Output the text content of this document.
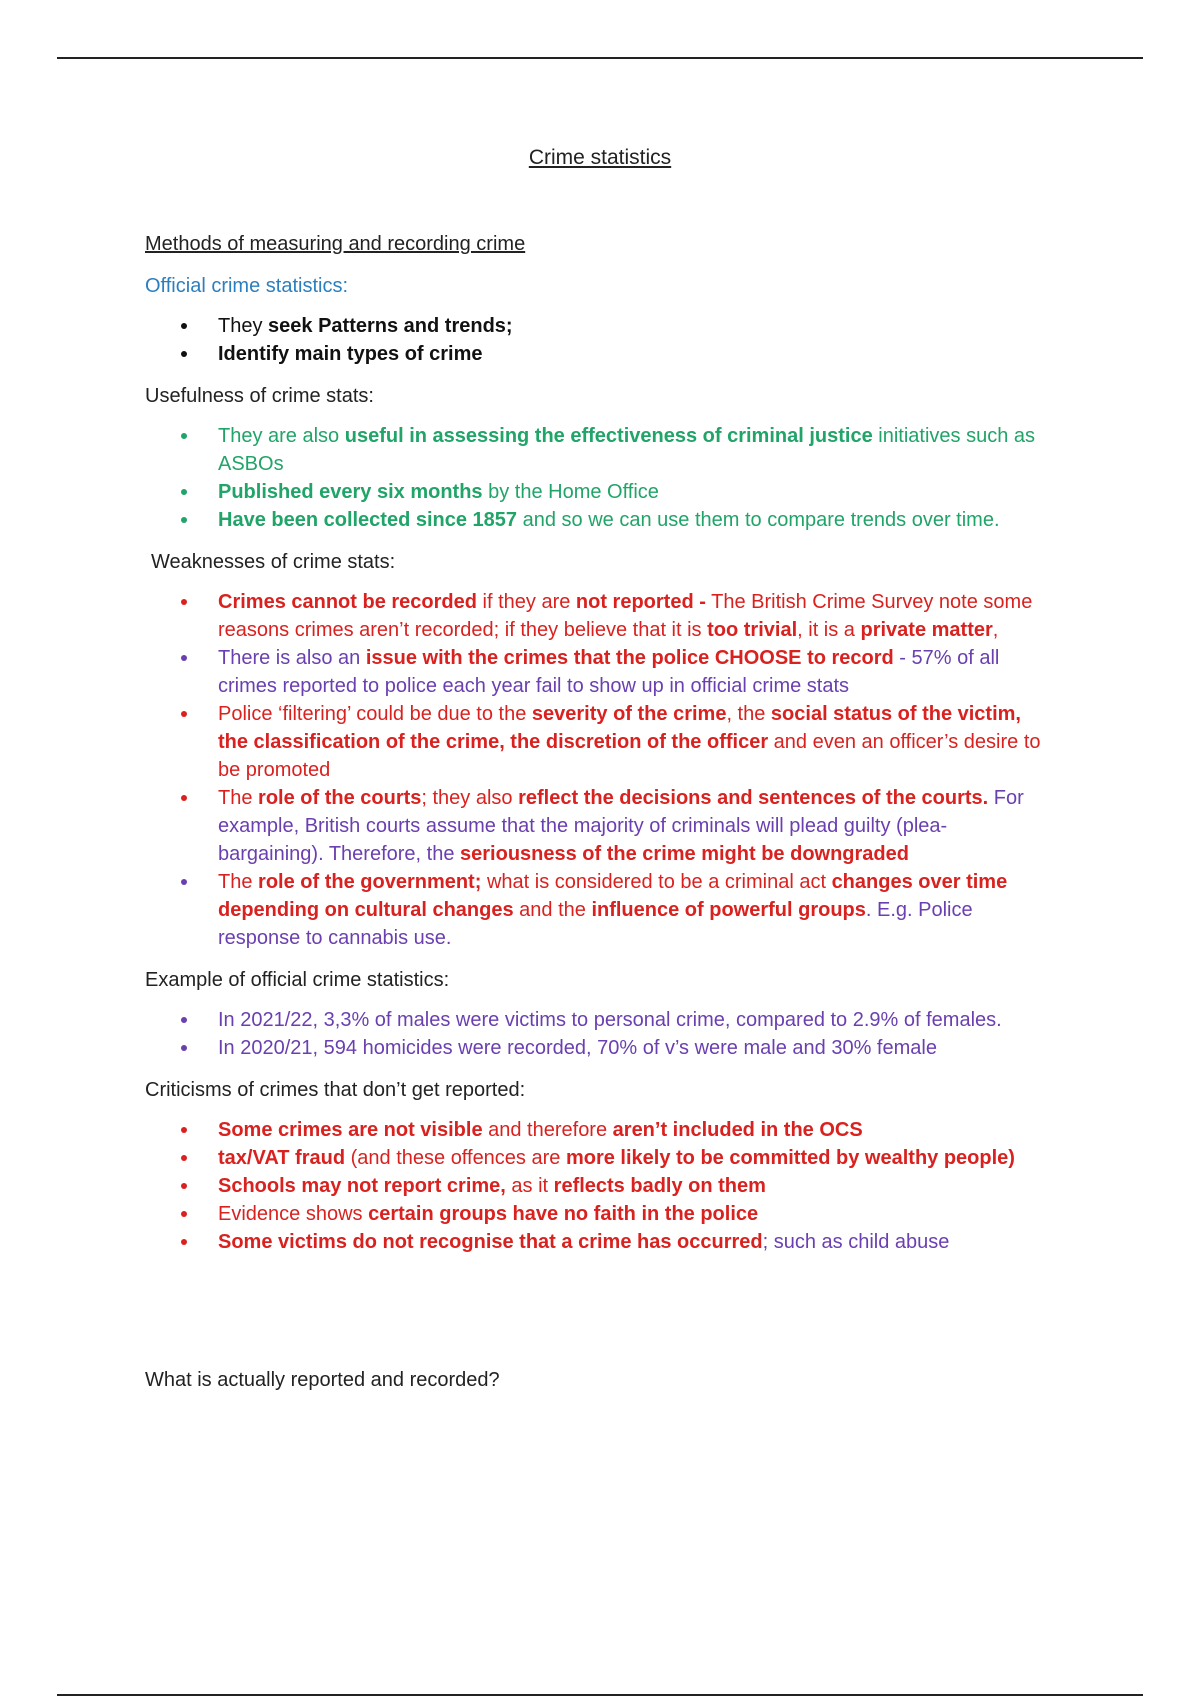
Crime statistics

Methods of measuring and recording crime

Official crime statistics:

They seek Patterns and trends;
Identify main types of crime

Usefulness of crime stats:

They are also useful in assessing the effectiveness of criminal justice initiatives such as ASBOs
Published every six months by the Home Office
Have been collected since 1857 and so we can use them to compare trends over time.

Weaknesses of crime stats:

Crimes cannot be recorded if they are not reported - The British Crime Survey note some reasons crimes aren’t recorded; if they believe that it is too trivial, it is a private matter,
There is also an issue with the crimes that the police CHOOSE to record - 57% of all crimes reported to police each year fail to show up in official crime stats
Police ‘filtering’ could be due to the severity of the crime, the social status of the victim, the classification of the crime, the discretion of the officer and even an officer’s desire to be promoted
The role of the courts; they also reflect the decisions and sentences of the courts. For example, British courts assume that the majority of criminals will plead guilty (plea-bargaining). Therefore, the seriousness of the crime might be downgraded
The role of the government; what is considered to be a criminal act changes over time depending on cultural changes and the influence of powerful groups. E.g. Police response to cannabis use.

Example of official crime statistics:

In 2021/22, 3,3% of males were victims to personal crime, compared to 2.9% of females.
In 2020/21, 594 homicides were recorded, 70% of v’s were male and 30% female

Criticisms of crimes that don’t get reported:

Some crimes are not visible and therefore aren’t included in the OCS
tax/VAT fraud (and these offences are more likely to be committed by wealthy people)
Schools may not report crime, as it reflects badly on them
Evidence shows certain groups have no faith in the police
Some victims do not recognise that a crime has occurred; such as child abuse

What is actually reported and recorded?
